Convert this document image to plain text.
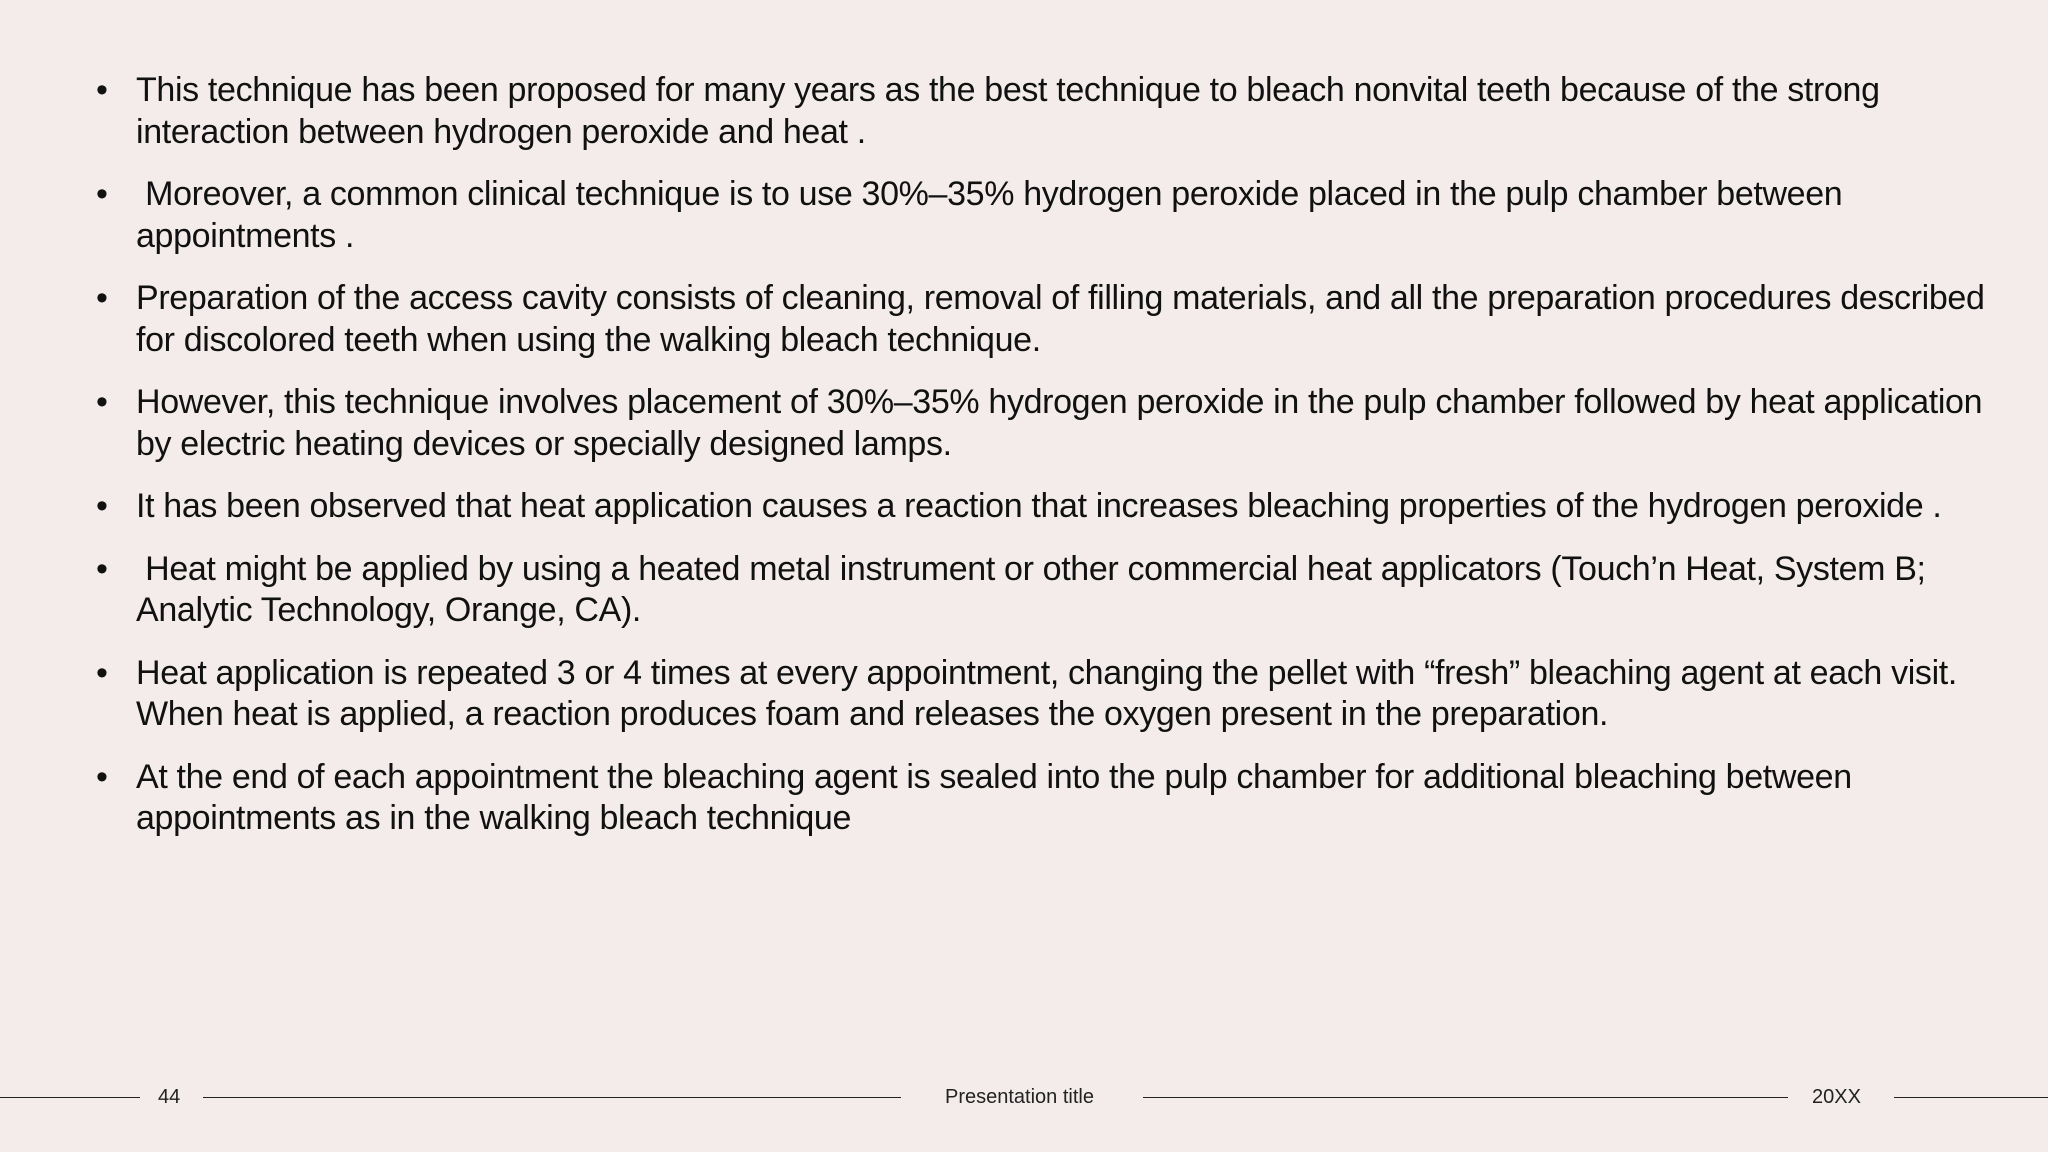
• This technique has been proposed for many years as the best technique to bleach nonvital teeth because of the strong interaction between hydrogen peroxide and heat .
• Moreover, a common clinical technique is to use 30%–35% hydrogen peroxide placed in the pulp chamber between appointments .
• Preparation of the access cavity consists of cleaning, removal of filling materials, and all the preparation procedures described for discolored teeth when using the walking bleach technique.
• However, this technique involves placement of 30%–35% hydrogen peroxide in the pulp chamber followed by heat application by electric heating devices or specially designed lamps.
• It has been observed that heat application causes a reaction that increases bleaching properties of the hydrogen peroxide .
• Heat might be applied by using a heated metal instrument or other commercial heat applicators (Touch’n Heat, System B; Analytic Technology, Orange, CA).
• Heat application is repeated 3 or 4 times at every appointment, changing the pellet with “fresh” bleaching agent at each visit. When heat is applied, a reaction produces foam and releases the oxygen present in the preparation.
• At the end of each appointment the bleaching agent is sealed into the pulp chamber for additional bleaching between appointments as in the walking bleach technique
44	Presentation title	20XX
